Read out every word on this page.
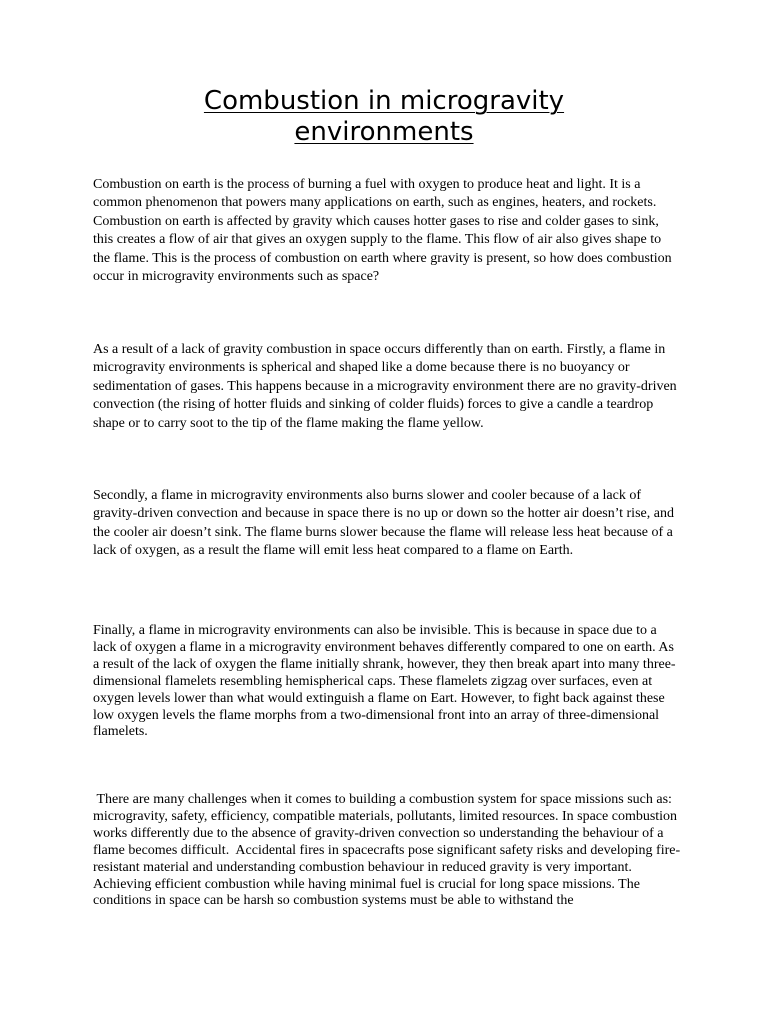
Combustion in microgravity environments

Combustion on earth is the process of burning a fuel with oxygen to produce heat and light. It is a common phenomenon that powers many applications on earth, such as engines, heaters, and rockets. Combustion on earth is affected by gravity which causes hotter gases to rise and colder gases to sink, this creates a flow of air that gives an oxygen supply to the flame. This flow of air also gives shape to the flame. This is the process of combustion on earth where gravity is present, so how does combustion occur in microgravity environments such as space?

As a result of a lack of gravity combustion in space occurs differently than on earth. Firstly, a flame in microgravity environments is spherical and shaped like a dome because there is no buoyancy or sedimentation of gases. This happens because in a microgravity environment there are no gravity-driven convection (the rising of hotter fluids and sinking of colder fluids) forces to give a candle a teardrop shape or to carry soot to the tip of the flame making the flame yellow.

Secondly, a flame in microgravity environments also burns slower and cooler because of a lack of gravity-driven convection and because in space there is no up or down so the hotter air doesn’t rise, and the cooler air doesn’t sink. The flame burns slower because the flame will release less heat because of a lack of oxygen, as a result the flame will emit less heat compared to a flame on Earth.

Finally, a flame in microgravity environments can also be invisible. This is because in space due to a lack of oxygen a flame in a microgravity environment behaves differently compared to one on earth. As a result of the lack of oxygen the flame initially shrank, however, they then break apart into many three-dimensional flamelets resembling hemispherical caps. These flamelets zigzag over surfaces, even at oxygen levels lower than what would extinguish a flame on Eart. However, to fight back against these low oxygen levels the flame morphs from a two-dimensional front into an array of three-dimensional flamelets.

There are many challenges when it comes to building a combustion system for space missions such as: microgravity, safety, efficiency, compatible materials, pollutants, limited resources. In space combustion works differently due to the absence of gravity-driven convection so understanding the behaviour of a flame becomes difficult.  Accidental fires in spacecrafts pose significant safety risks and developing fire-resistant material and understanding combustion behaviour in reduced gravity is very important. Achieving efficient combustion while having minimal fuel is crucial for long space missions. The conditions in space can be harsh so combustion systems must be able to withstand the
